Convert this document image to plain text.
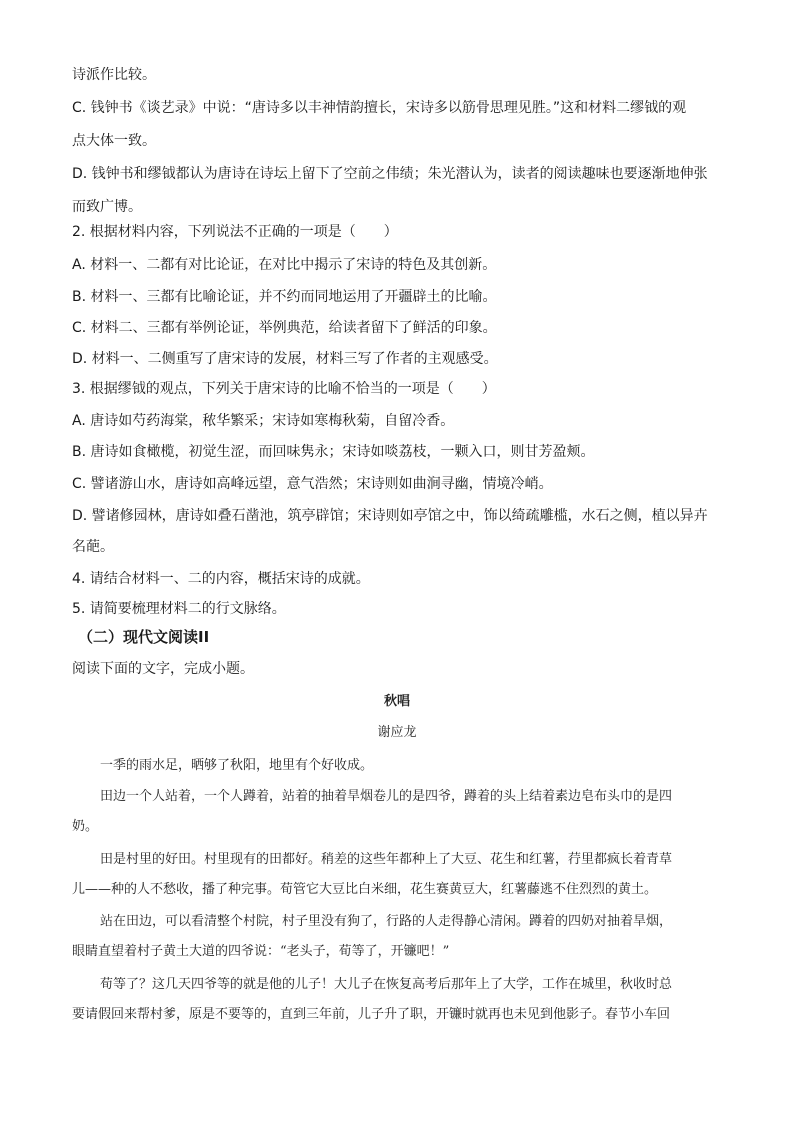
诗派作比较。
C. 钱钟书《谈艺录》中说：“唐诗多以丰神情韵擅长，宋诗多以筋骨思理见胜。”这和材料二缪钺的观
点大体一致。
D. 钱钟书和缪钺都认为唐诗在诗坛上留下了空前之伟绩；朱光潜认为，读者的阅读趣味也要逐渐地伸张
而致广博。
2. 根据材料内容，下列说法不正确的一项是（　　）
A. 材料一、二都有对比论证，在对比中揭示了宋诗的特色及其创新。
B. 材料一、三都有比喻论证，并不约而同地运用了开疆辟土的比喻。
C. 材料二、三都有举例论证，举例典范，给读者留下了鲜活的印象。
D. 材料一、二侧重写了唐宋诗的发展，材料三写了作者的主观感受。
3. 根据缪钺的观点，下列关于唐宋诗的比喻不恰当的一项是（　　）
A. 唐诗如芍药海棠，秾华繁采；宋诗如寒梅秋菊，自留冷香。
B. 唐诗如食橄榄，初觉生涩，而回味隽永；宋诗如啖荔枝，一颗入口，则甘芳盈颊。
C. 譬诸游山水，唐诗如高峰远望，意气浩然；宋诗则如曲涧寻幽，情境冷峭。
D. 譬诸修园林，唐诗如叠石凿池，筑亭辟馆；宋诗则如亭馆之中，饰以绮疏雕槛，水石之侧，植以异卉
名葩。
4. 请结合材料一、二的内容，概括宋诗的成就。
5. 请简要梳理材料二的行文脉络。
（二）现代文阅读II
阅读下面的文字，完成小题。
秋唱
谢应龙
一季的雨水足，晒够了秋阳，地里有个好收成。
田边一个人站着，一个人蹲着，站着的抽着旱烟卷儿的是四爷，蹲着的头上结着素边皂布头巾的是四
奶。
田是村里的好田。村里现有的田都好。稍差的这些年都种上了大豆、花生和红薯，荇里都疯长着青草
儿——种的人不愁收，播了种完事。荀管它大豆比白米细，花生赛黄豆大，红薯藤逃不住烈烈的黄土。
站在田边，可以看清整个村院，村子里没有狗了，行路的人走得静心清闲。蹲着的四奶对抽着旱烟，
眼睛直望着村子黄土大道的四爷说：“老头子，荀等了，开镰吧！”
荀等了？这几天四爷等的就是他的儿子！大儿子在恢复高考后那年上了大学，工作在城里，秋收时总
要请假回来帮村爹，原是不要等的，直到三年前，儿子升了职，开镰时就再也未见到他影子。春节小车回
